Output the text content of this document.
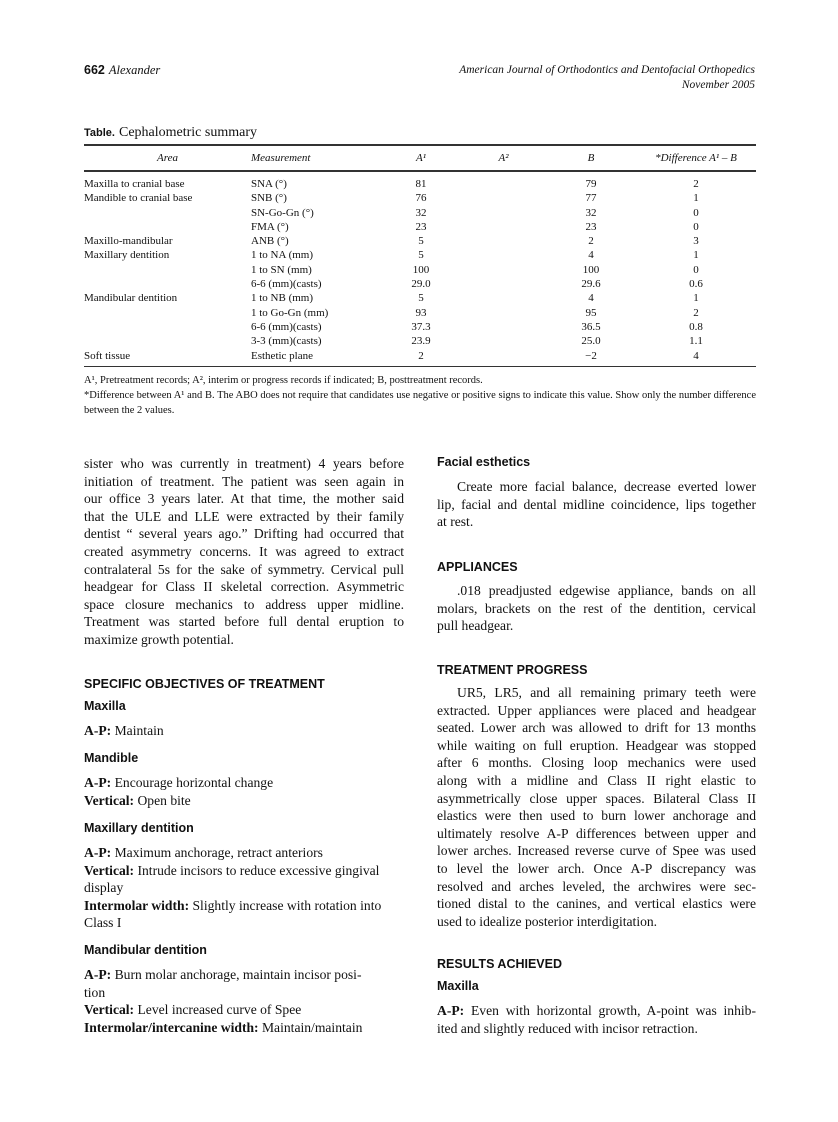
662 Alexander	American Journal of Orthodontics and Dentofacial Orthopedics
November 2005
Table. Cephalometric summary
Area	Measurement	A¹	A²	B	*Difference A¹ – B
Maxilla to cranial base	SNA (°)	81		79	2
Mandible to cranial base	SNB (°)	76		77	1
	SN-Go-Gn (°)	32		32	0
	FMA (°)	23		23	0
Maxillo-mandibular	ANB (°)	5		2	3
Maxillary dentition	1 to NA (mm)	5		4	1
	1 to SN (mm)	100		100	0
	6-6 (mm)(casts)	29.0		29.6	0.6
Mandibular dentition	1 to NB (mm)	5		4	1
	1 to Go-Gn (mm)	93		95	2
	6-6 (mm)(casts)	37.3		36.5	0.8
	3-3 (mm)(casts)	23.9		25.0	1.1
Soft tissue	Esthetic plane	2		−2	4
A¹, Pretreatment records; A², interim or progress records if indicated; B, posttreatment records.
*Difference between A¹ and B. The ABO does not require that candidates use negative or positive signs to indicate this value. Show only the number difference between the 2 values.
sister who was currently in treatment) 4 years before
initiation of treatment. The patient was seen again in
our office 3 years later. At that time, the mother said
that the ULE and LLE were extracted by their family
dentist “ several years ago.” Drifting had occurred that
created asymmetry concerns. It was agreed to extract
contralateral 5s for the sake of symmetry. Cervical pull
headgear for Class II skeletal correction. Asymmetric
space closure mechanics to address upper midline.
Treatment was started before full dental eruption to
maximize growth potential.
SPECIFIC OBJECTIVES OF TREATMENT
Maxilla
A-P: Maintain
Mandible
A-P: Encourage horizontal change
Vertical: Open bite
Maxillary dentition
A-P: Maximum anchorage, retract anteriors
Vertical: Intrude incisors to reduce excessive gingival
display
Intermolar width: Slightly increase with rotation into
Class I
Mandibular dentition
A-P: Burn molar anchorage, maintain incisor posi-
tion
Vertical: Level increased curve of Spee
Intermolar/intercanine width: Maintain/maintain
Facial esthetics
Create more facial balance, decrease everted lower
lip, facial and dental midline coincidence, lips together
at rest.
APPLIANCES
.018 preadjusted edgewise appliance, bands on all
molars, brackets on the rest of the dentition, cervical
pull headgear.
TREATMENT PROGRESS
UR5, LR5, and all remaining primary teeth were
extracted. Upper appliances were placed and headgear
seated. Lower arch was allowed to drift for 13 months
while waiting on full eruption. Headgear was stopped
after 6 months. Closing loop mechanics were used
along with a midline and Class II right elastic to
asymmetrically close upper spaces. Bilateral Class II
elastics were then used to burn lower anchorage and
ultimately resolve A-P differences between upper and
lower arches. Increased reverse curve of Spee was used
to level the lower arch. Once A-P discrepancy was
resolved and arches leveled, the archwires were sec-
tioned distal to the canines, and vertical elastics were
used to idealize posterior interdigitation.
RESULTS ACHIEVED
Maxilla
A-P: Even with horizontal growth, A-point was inhib-
ited and slightly reduced with incisor retraction.
